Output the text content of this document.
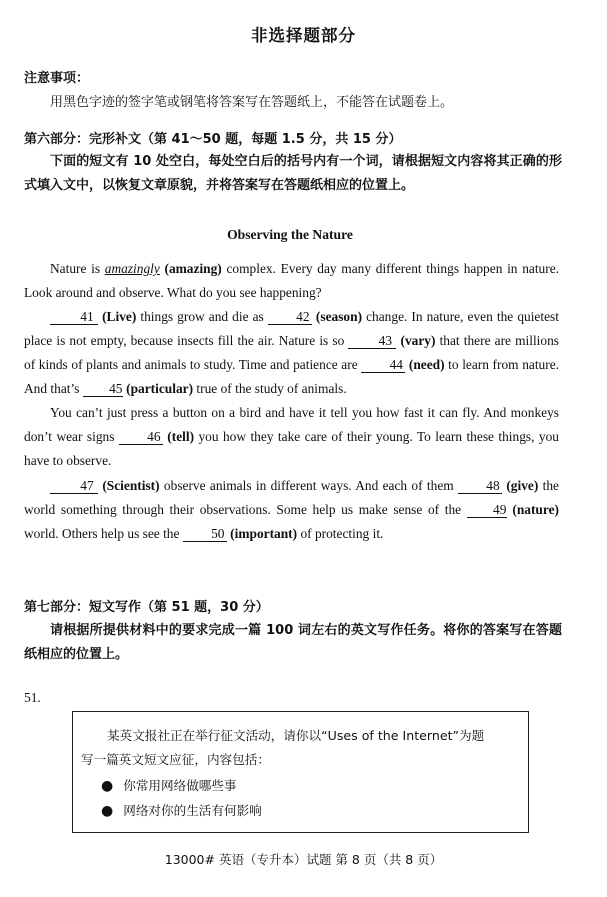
非选择题部分
注意事项：
用黑色字迹的签字笔或钢笔将答案写在答题纸上，不能答在试题卷上。
第六部分：完形补文（第 41～50 题，每题 1.5 分，共 15 分）
下面的短文有 10 处空白，每处空白后的括号内有一个词，请根据短文内容将其正确的形式填入文中，以恢复文章原貌，并将答案写在答题纸相应的位置上。
Observing the Nature
Nature is amazingly (amazing) complex. Every day many different things happen in nature. Look around and observe. What do you see happening?
41 (Live) things grow and die as 42 (season) change. In nature, even the quietest place is not empty, because insects fill the air. Nature is so 43 (vary) that there are millions of kinds of plants and animals to study. Time and patience are 44 (need) to learn from nature. And that’s 45 (particular) true of the study of animals.
You can’t just press a button on a bird and have it tell you how fast it can fly. And monkeys don’t wear signs 46 (tell) you how they take care of their young. To learn these things, you have to observe.
47 (Scientist) observe animals in different ways. And each of them 48 (give) the world something through their observations. Some help us make sense of the 49 (nature) world. Others help us see the 50 (important) of protecting it.
第七部分：短文写作（第 51 题，30 分）
请根据所提供材料中的要求完成一篇 100 词左右的英文写作任务。将你的答案写在答题纸相应的位置上。
51.
某英文报社正在举行征文活动，请你以“Uses of the Internet”为题
写一篇英文短文应征，内容包括：
● 你常用网络做哪些事
● 网络对你的生活有何影响
13000# 英语（专升本）试题 第 8 页（共 8 页）
